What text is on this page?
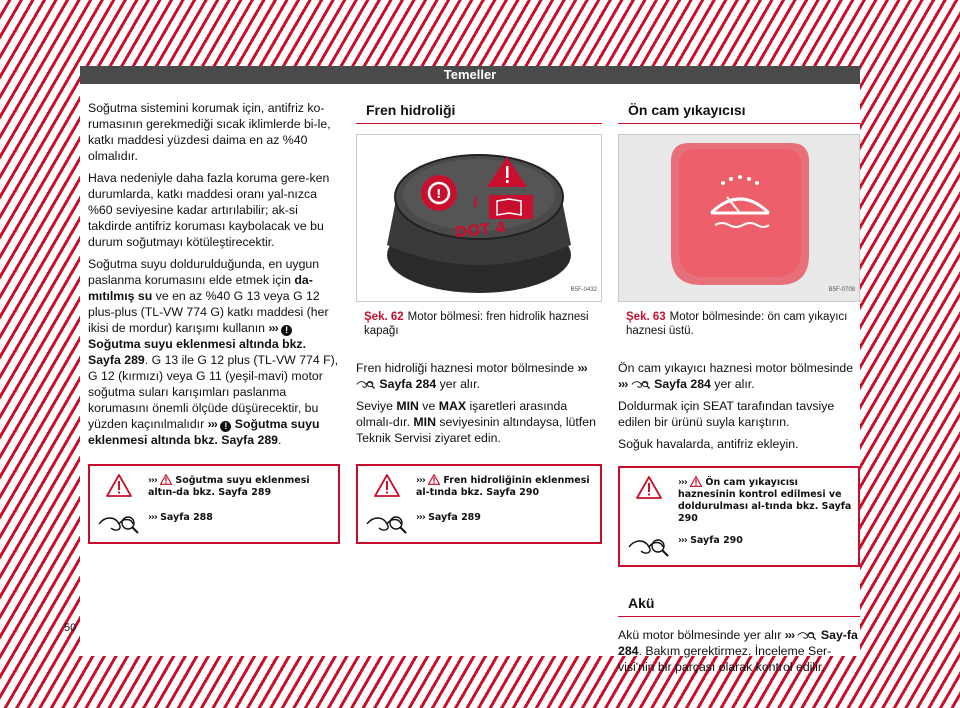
Temeller

Soğutma sistemini korumak için, antifriz ko-rumasının gerekmediği sıcak iklimlerde bi-le, katkı maddesi yüzdesi daima en az %40 olmalıdır.

Hava nedeniyle daha fazla koruma gere-ken durumlarda, katkı maddesi oranı yal-nızca %60 seviyesine kadar artırılabilir; ak-si takdirde antifriz koruması kaybolacak ve bu durum soğutmayı kötüleştirecektir.

Soğutma suyu doldurulduğunda, en uygun paslanma korumasını elde etmek için da-mıtılmış su ve en az %40 G 13 veya G 12 plus-plus (TL-VW 774 G) katkı maddesi (her ikisi de mordur) karışımı kullanın ››› ! Soğutma suyu eklenmesi altında bkz. Sayfa 289. G 13 ile G 12 plus (TL-VW 774 F), G 12 (kırmızı) veya G 11 (yeşil-mavi) motor soğutma suları karışımları paslanma korumasını önemli ölçüde düşürecektir, bu yüzden kaçınılmalıdır ››› ! Soğutma suyu eklenmesi altında bkz. Sayfa 289.

››› Soğutma suyu eklenmesi altın-da bkz. Sayfa 289
››› Sayfa 288
Fren hidroliği
!
i
DOT 4
B5F-0432
Şek. 62 Motor bölmesi: fren hidrolik haznesi kapağı

Fren hidroliği haznesi motor bölmesinde ›››  Sayfa 284 yer alır.

Seviye MIN ve MAX işaretleri arasında olmalı-dır. MIN seviyesinin altındaysa, lütfen Teknik Servisi ziyaret edin.

››› Fren hidroliğinin eklenmesi al-tında bkz. Sayfa 290
››› Sayfa 289
Ön cam yıkayıcısı
B5F-0708
Şek. 63 Motor bölmesinde: ön cam yıkayıcı haznesi üstü.

Ön cam yıkayıcı haznesi motor bölmesinde ››› Sayfa 284 yer alır.

Doldurmak için SEAT tarafından tavsiye edilen bir ürünü suyla karıştırın.

Soğuk havalarda, antifriz ekleyin.

››› Ön cam yıkayıcısı haznesinin kontrol edilmesi ve doldurulması al-tında bkz. Sayfa 290
››› Sayfa 290
Akü

Akü motor bölmesinde yer alır ››› Say-fa 284. Bakım gerektirmez. İnceleme Ser-visi'nin bir parçası olarak kontrol edilir.

50
